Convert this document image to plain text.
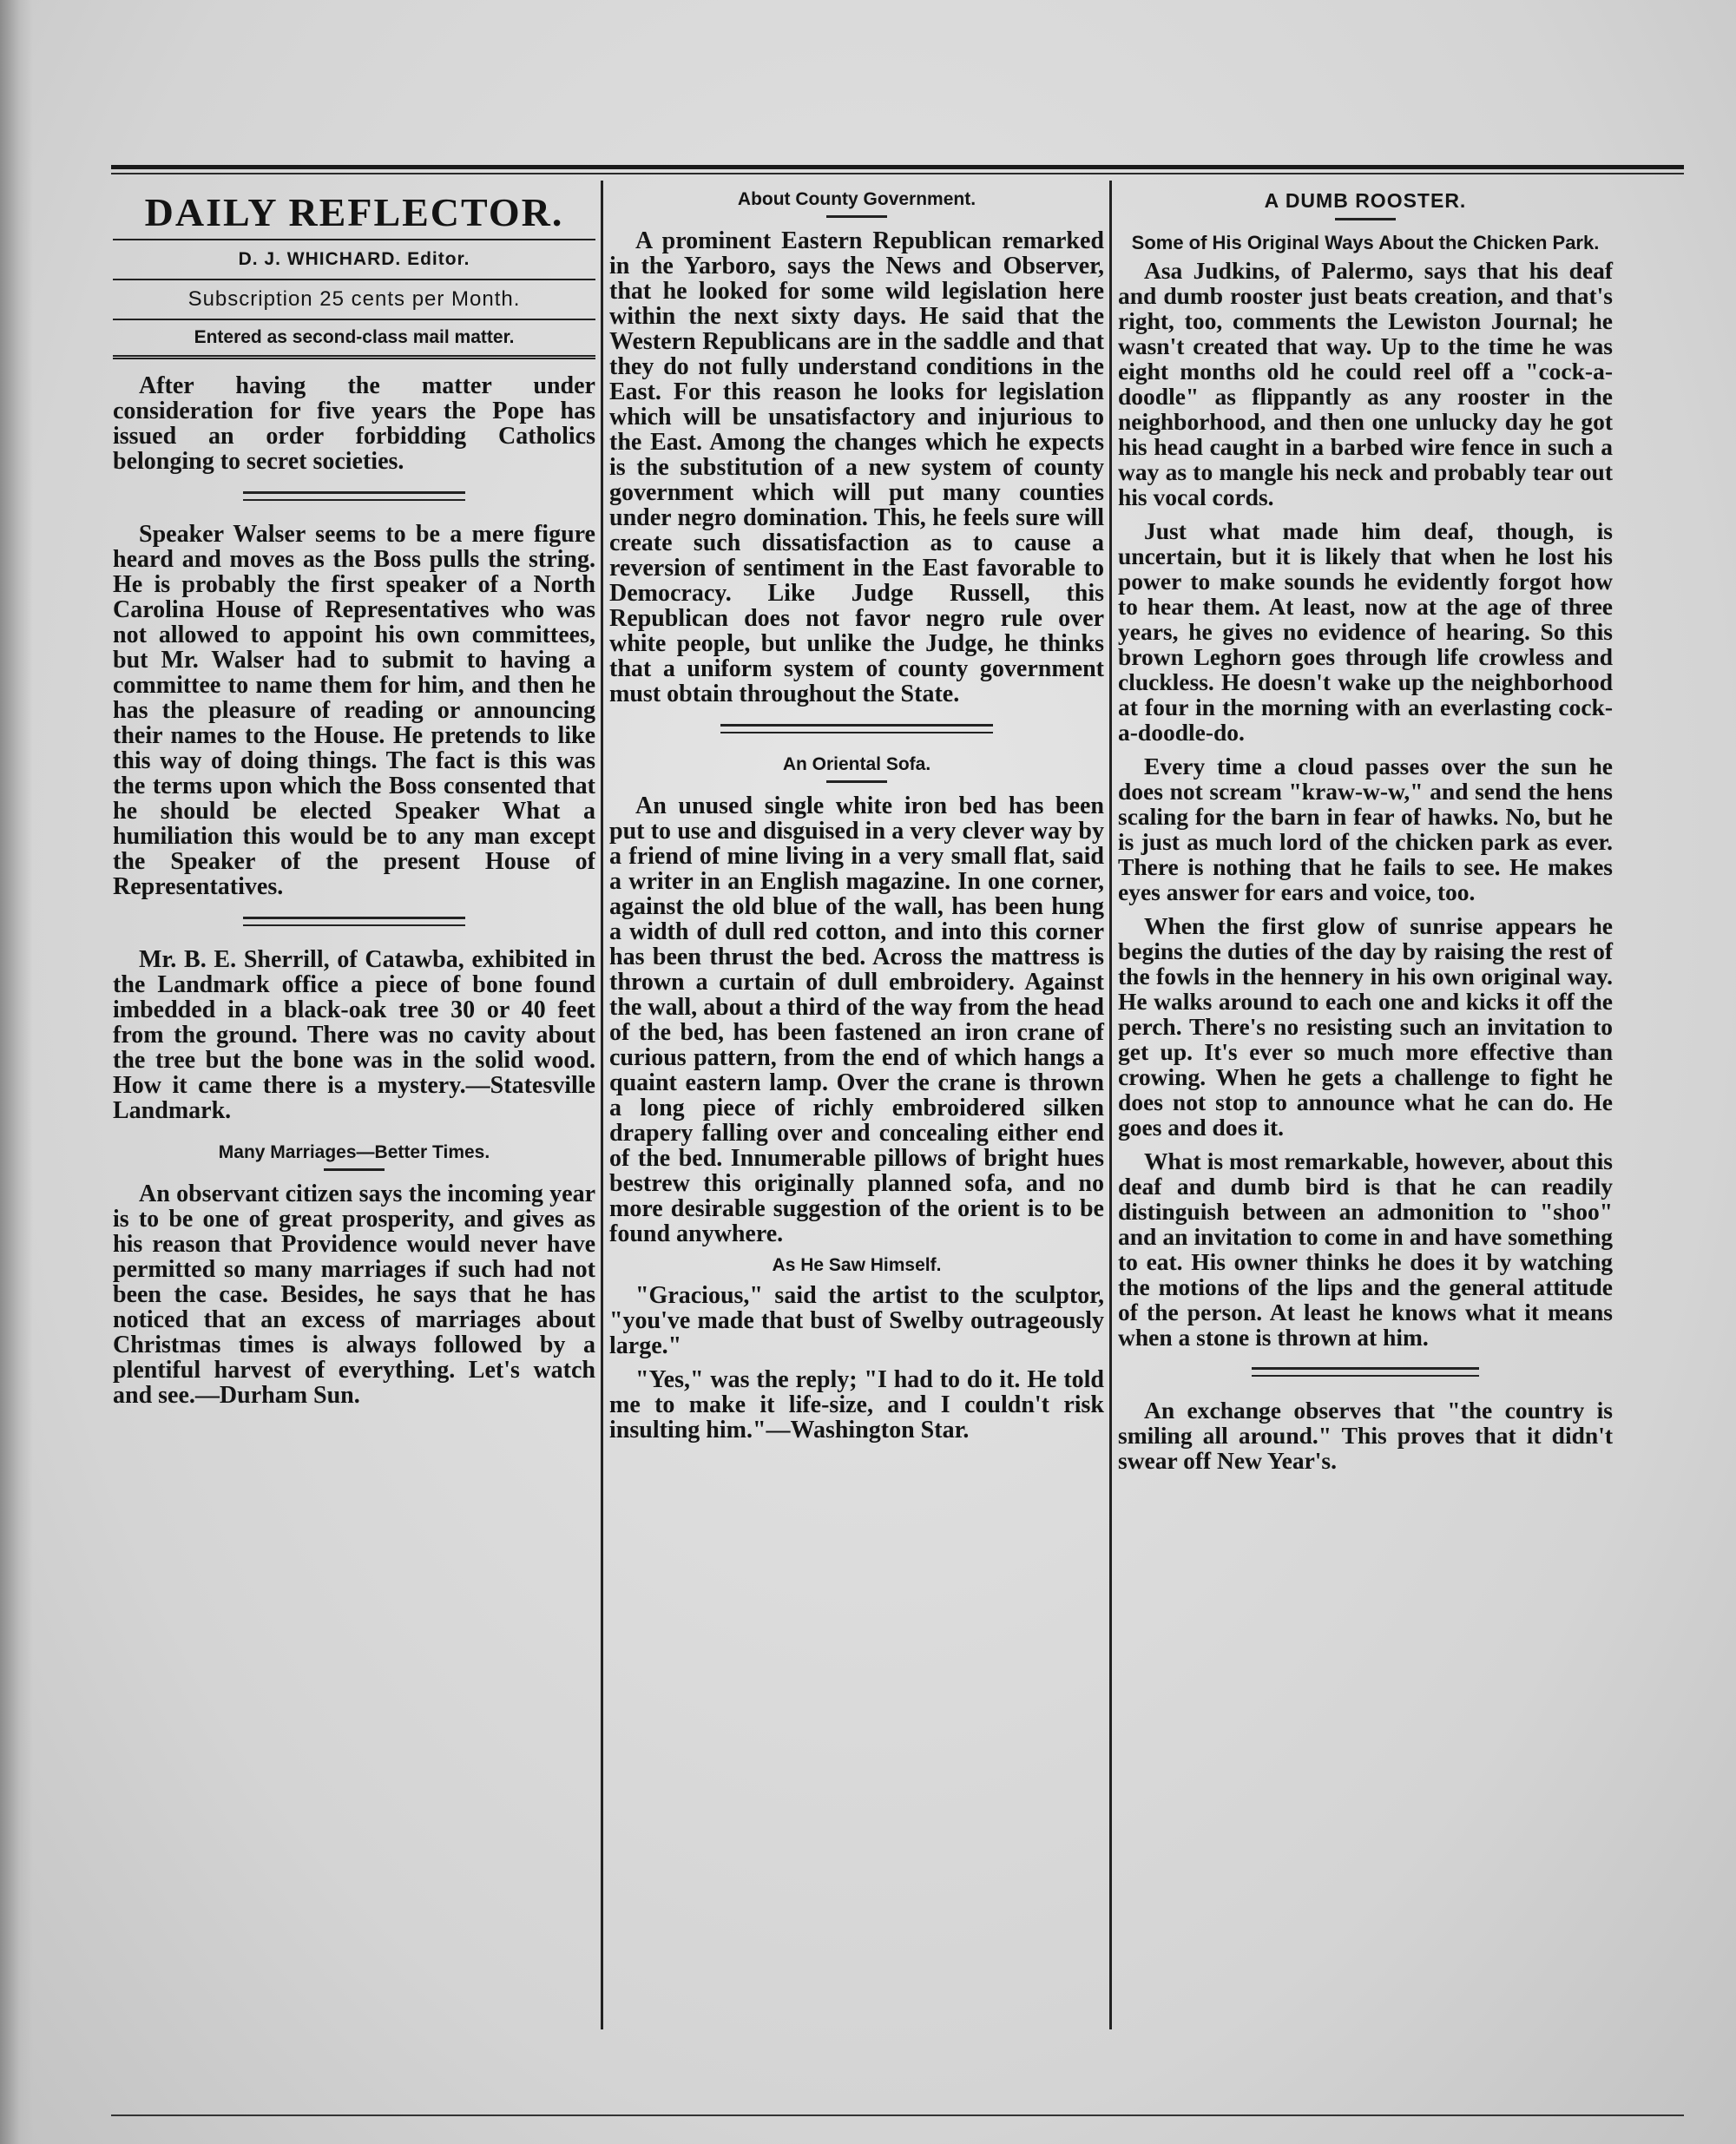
DAILY REFLECTOR.
D. J. WHICHARD. Editor.
Subscription 25 cents per Month.
Entered as second-class mail matter.

After having the matter under consideration for five years the Pope has issued an order forbidding Catholics belonging to secret societies.

Speaker Walser seems to be a mere figure heard and moves as the Boss pulls the string. He is probably the first speaker of a North Carolina House of Representatives who was not allowed to appoint his own committees, but Mr. Walser had to submit to having a committee to name them for him, and then he has the pleasure of reading or announcing their names to the House. He pretends to like this way of doing things. The fact is this was the terms upon which the Boss consented that he should be elected Speaker What a humiliation this would be to any man except the Speaker of the present House of Representatives.

Mr. B. E. Sherrill, of Catawba, exhibited in the Landmark office a piece of bone found imbedded in a black-oak tree 30 or 40 feet from the ground. There was no cavity about the tree but the bone was in the solid wood. How it came there is a mystery.—Statesville Landmark.

Many Marriages—Better Times.

An observant citizen says the incoming year is to be one of great prosperity, and gives as his reason that Providence would never have permitted so many marriages if such had not been the case. Besides, he says that he has noticed that an excess of marriages about Christmas times is always followed by a plentiful harvest of everything. Let's watch and see.—Durham Sun.

About County Government.

A prominent Eastern Republican remarked in the Yarboro, says the News and Observer, that he looked for some wild legislation here within the next sixty days. He said that the Western Republicans are in the saddle and that they do not fully understand conditions in the East. For this reason he looks for legislation which will be unsatisfactory and injurious to the East. Among the changes which he expects is the substitution of a new system of county government which will put many counties under negro domination. This, he feels sure will create such dissatisfaction as to cause a reversion of sentiment in the East favorable to Democracy. Like Judge Russell, this Republican does not favor negro rule over white people, but unlike the Judge, he thinks that a uniform system of county government must obtain throughout the State.

An Oriental Sofa.

An unused single white iron bed has been put to use and disguised in a very clever way by a friend of mine living in a very small flat, said a writer in an English magazine. In one corner, against the old blue of the wall, has been hung a width of dull red cotton, and into this corner has been thrust the bed. Across the mattress is thrown a curtain of dull embroidery. Against the wall, about a third of the way from the head of the bed, has been fastened an iron crane of curious pattern, from the end of which hangs a quaint eastern lamp. Over the crane is thrown a long piece of richly embroidered silken drapery falling over and concealing either end of the bed. Innumerable pillows of bright hues bestrew this originally planned sofa, and no more desirable suggestion of the orient is to be found anywhere.

As He Saw Himself.

"Gracious," said the artist to the sculptor, "you've made that bust of Swelby outrageously large."

"Yes," was the reply; "I had to do it. He told me to make it life-size, and I couldn't risk insulting him."—Washington Star.

A DUMB ROOSTER.
Some of His Original Ways About the Chicken Park.

Asa Judkins, of Palermo, says that his deaf and dumb rooster just beats creation, and that's right, too, comments the Lewiston Journal; he wasn't created that way. Up to the time he was eight months old he could reel off a "cock-a-doodle" as flippantly as any rooster in the neighborhood, and then one unlucky day he got his head caught in a barbed wire fence in such a way as to mangle his neck and probably tear out his vocal cords.

Just what made him deaf, though, is uncertain, but it is likely that when he lost his power to make sounds he evidently forgot how to hear them. At least, now at the age of three years, he gives no evidence of hearing. So this brown Leghorn goes through life crowless and cluckless. He doesn't wake up the neighborhood at four in the morning with an everlasting cock-a-doodle-do.

Every time a cloud passes over the sun he does not scream "kraw-w-w," and send the hens scaling for the barn in fear of hawks. No, but he is just as much lord of the chicken park as ever. There is nothing that he fails to see. He makes eyes answer for ears and voice, too.

When the first glow of sunrise appears he begins the duties of the day by raising the rest of the fowls in the hennery in his own original way. He walks around to each one and kicks it off the perch. There's no resisting such an invitation to get up. It's ever so much more effective than crowing. When he gets a challenge to fight he does not stop to announce what he can do. He goes and does it.

What is most remarkable, however, about this deaf and dumb bird is that he can readily distinguish between an admonition to "shoo" and an invitation to come in and have something to eat. His owner thinks he does it by watching the motions of the lips and the general attitude of the person. At least he knows what it means when a stone is thrown at him.

An exchange observes that "the country is smiling all around." This proves that it didn't swear off New Year's.
